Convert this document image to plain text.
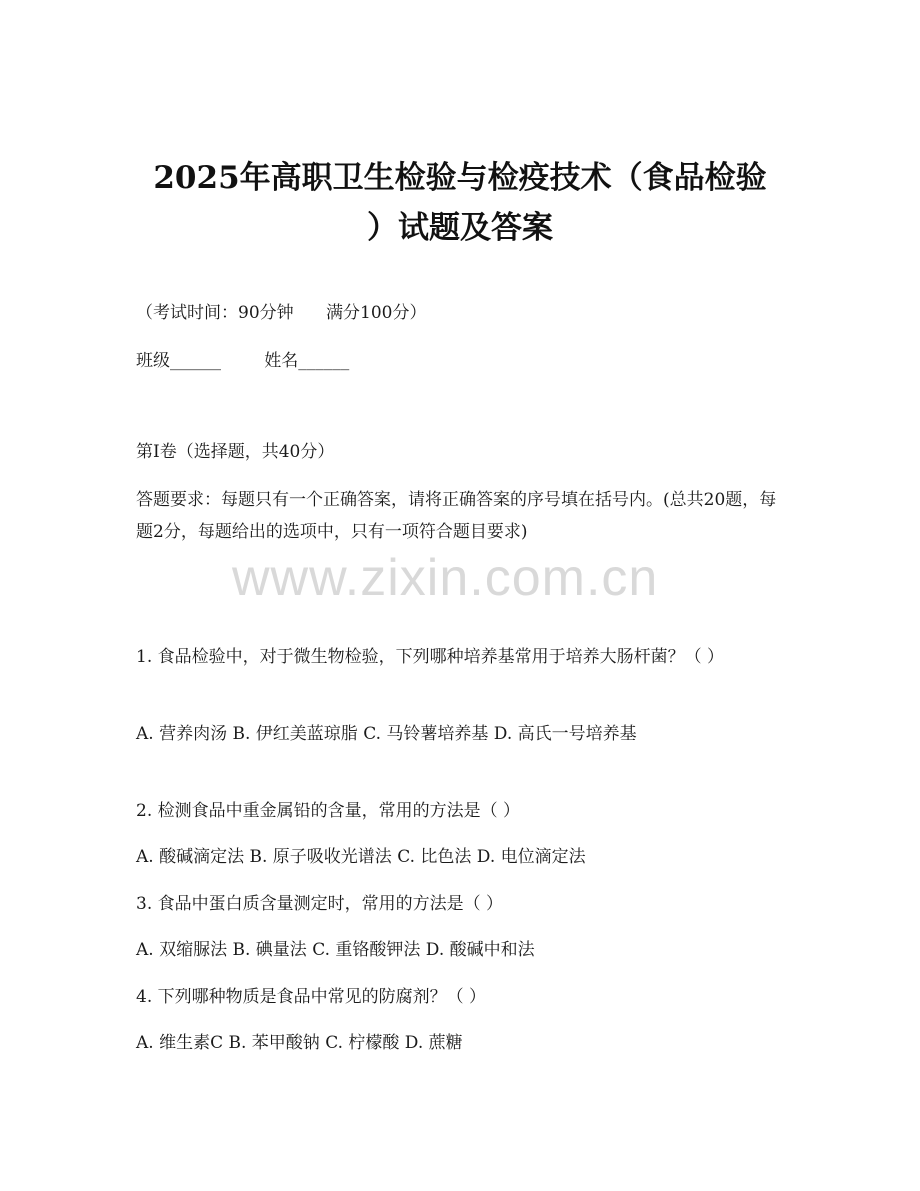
2025年高职卫生检验与检疫技术（食品检验
）试题及答案
（考试时间：90分钟      满分100分）
班级______        姓名______
第I卷（选择题，共40分）
答题要求：每题只有一个正确答案，请将正确答案的序号填在括号内。(总共20题，每题2分，每题给出的选项中，只有一项符合题目要求)
www.zixin.com.cn
1. 食品检验中，对于微生物检验，下列哪种培养基常用于培养大肠杆菌？（ ）
A. 营养肉汤 B. 伊红美蓝琼脂 C. 马铃薯培养基 D. 高氏一号培养基
2. 检测食品中重金属铅的含量，常用的方法是（ ）
A. 酸碱滴定法 B. 原子吸收光谱法 C. 比色法 D. 电位滴定法
3. 食品中蛋白质含量测定时，常用的方法是（ ）
A. 双缩脲法 B. 碘量法 C. 重铬酸钾法 D. 酸碱中和法
4. 下列哪种物质是食品中常见的防腐剂？（ ）
A. 维生素C B. 苯甲酸钠 C. 柠檬酸 D. 蔗糖
